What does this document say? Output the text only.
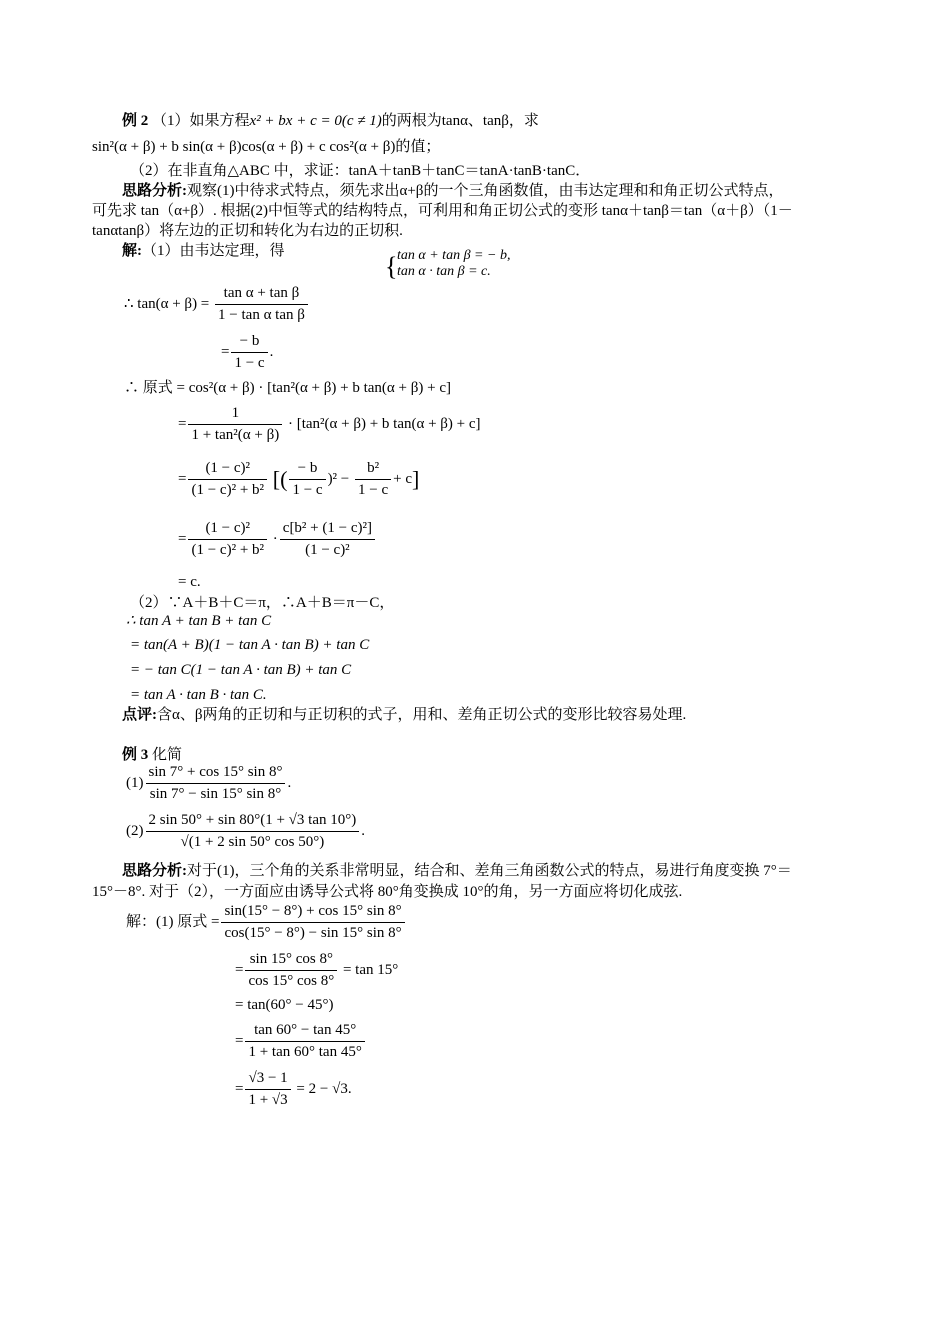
例 2 （1）如果方程x² + bx + c = 0(c ≠ 1)的两根为tanα、tanβ，求
sin²(α + β) + b sin(α + β)cos(α + β) + c cos²(α + β)的值；
（2）在非直角△ABC 中，求证：tanA＋tanB＋tanC＝tanA·tanB·tanC．
思路分析:观察(1)中待求式特点，须先求出α+β的一个三角函数值，由韦达定理和和角正切公式特点，
可先求 tan（α+β）. 根据(2)中恒等式的结构特点，可利用和角正切公式的变形 tanα＋tanβ＝tan（α＋β）（1－
tanαtanβ）将左边的正切和转化为右边的正切积.
解:（1）由韦达定理，得
{ tan α + tan β = − b,
tan α · tan β = c.
∴ $\tan(\alpha + \beta) = \frac{\text{tan α + tan β}}{\text{1 − tan α tan β}}$
= $\frac{- b}{1 - c}$ .
∴ 原式 = cos²(α + β) · [tan²(α + β) + b tan(α + β) + c]
= $\frac{1}{\text{1 + tan²(α + β)}} \cdot [\tan^2(\alpha + \beta) + b$ tan(α + β) + c]
= $\frac{\text{(1 − c)²}}{\text{(1 − c)² + b²}}$ [( $\frac{- b}{1 - c} )^2 - \frac{\text{b²}}{1 - c} + c$]
= $\frac{\text{(1 − c)²}}{\text{(1 − c)² + b²}} \cdot \frac{\text{c[b² + (1 − c)²]}}{\text{(1 − c)²}}$
= c.
（2）∵A＋B＋C＝π，∴A＋B＝π－C，
∴ tan A + tan B + tan C
= tan(A + B)(1 − tan A · tan B) + tan C
= − tan C(1 − tan A · tan B) + tan C
= tan A · tan B · tan C.
点评:含α、β两角的正切和与正切积的式子，用和、差角正切公式的变形比较容易处理.
例 3 化简
$(1) \frac{\sin 7^\circ + \cos 15^\circ \sin 8^\circ}{\sin 7^\circ - \sin 15^\circ \sin 8^\circ}$ .
$(2) \frac{2 \sin 50^\circ + \sin 80^\circ(1 + √3 \tan 10^\circ)}{√(1 + 2 \sin 50^\circ \cos 50^\circ)}$ .
思路分析:对于(1)，三个角的关系非常明显，结合和、差角三角函数公式的特点，易进行角度变换 7°＝
15°－8°. 对于（2），一方面应由诱导公式将 80°角变换成 10°的角，另一方面应将切化成弦.
解：(1) 原式 = $\frac{\sin(15^\circ - 8^\circ) + \cos 15^\circ \sin 8^\circ}{\cos(15^\circ - 8^\circ) - \sin 15^\circ \sin 8^\circ}$
= $\frac{\sin 15^\circ \cos 8^\circ}{\cos 15^\circ \cos 8^\circ} = \tan 15^\circ$
= tan(60° − 45°)
= $\frac{\tan 60^\circ - \tan 45^\circ}{1 + \tan 60^\circ \tan 45^\circ}$
= $\frac{√3 - 1}{1 + √3} = 2 - √3$.
